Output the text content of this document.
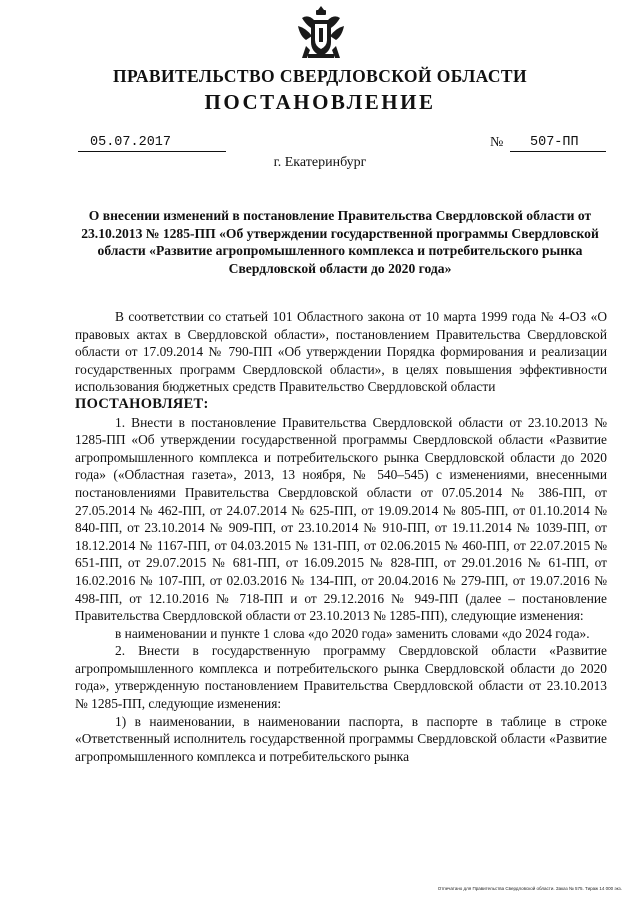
ПРАВИТЕЛЬСТВО СВЕРДЛОВСКОЙ ОБЛАСТИ
ПОСТАНОВЛЕНИЕ
05.07.2017	№	507-ПП
г. Екатеринбург
О внесении изменений в постановление Правительства Свердловской области от 23.10.2013 № 1285-ПП «Об утверждении государственной программы Свердловской области «Развитие агропромышленного комплекса и потребительского рынка Свердловской области до 2020 года»

В соответствии со статьей 101 Областного закона от 10 марта 1999 года № 4-ОЗ «О правовых актах в Свердловской области», постановлением Правительства Свердловской области от 17.09.2014 № 790-ПП «Об утверждении Порядка формирования и реализации государственных программ Свердловской области», в целях повышения эффективности использования бюджетных средств Правительство Свердловской области

ПОСТАНОВЛЯЕТ:

1. Внести в постановление Правительства Свердловской области от 23.10.2013 № 1285-ПП «Об утверждении государственной программы Свердловской области «Развитие агропромышленного комплекса и потребительского рынка Свердловской области до 2020 года» («Областная газета», 2013, 13 ноября, № 540–545) с изменениями, внесенными постановлениями Правительства Свердловской области от 07.05.2014 № 386-ПП, от 27.05.2014 № 462-ПП, от 24.07.2014 № 625-ПП, от 19.09.2014 № 805-ПП, от 01.10.2014 № 840-ПП, от 23.10.2014 № 909-ПП, от 23.10.2014 № 910-ПП, от 19.11.2014 № 1039-ПП, от 18.12.2014 № 1167-ПП, от 04.03.2015 № 131-ПП, от 02.06.2015 № 460-ПП, от 22.07.2015 № 651-ПП, от 29.07.2015 № 681-ПП, от 16.09.2015 № 828-ПП, от 29.01.2016 № 61-ПП, от 16.02.2016 № 107-ПП, от 02.03.2016 № 134-ПП, от 20.04.2016 № 279-ПП, от 19.07.2016 № 498-ПП, от 12.10.2016 № 718-ПП и от 29.12.2016 № 949-ПП (далее – постановление Правительства Свердловской области от 23.10.2013 № 1285-ПП), следующие изменения:

в наименовании и пункте 1 слова «до 2020 года» заменить словами «до 2024 года».

2. Внести в государственную программу Свердловской области «Развитие агропромышленного комплекса и потребительского рынка Свердловской области до 2020 года», утвержденную постановлением Правительства Свердловской области от 23.10.2013 № 1285-ПП, следующие изменения:

1) в наименовании, в наименовании паспорта, в паспорте в таблице в строке «Ответственный исполнитель государственной программы Свердловской области «Развитие агропромышленного комплекса и потребительского рынка

Отпечатано для Правительства Свердловской области. Заказ № 575. Тираж 14 000 экз.
